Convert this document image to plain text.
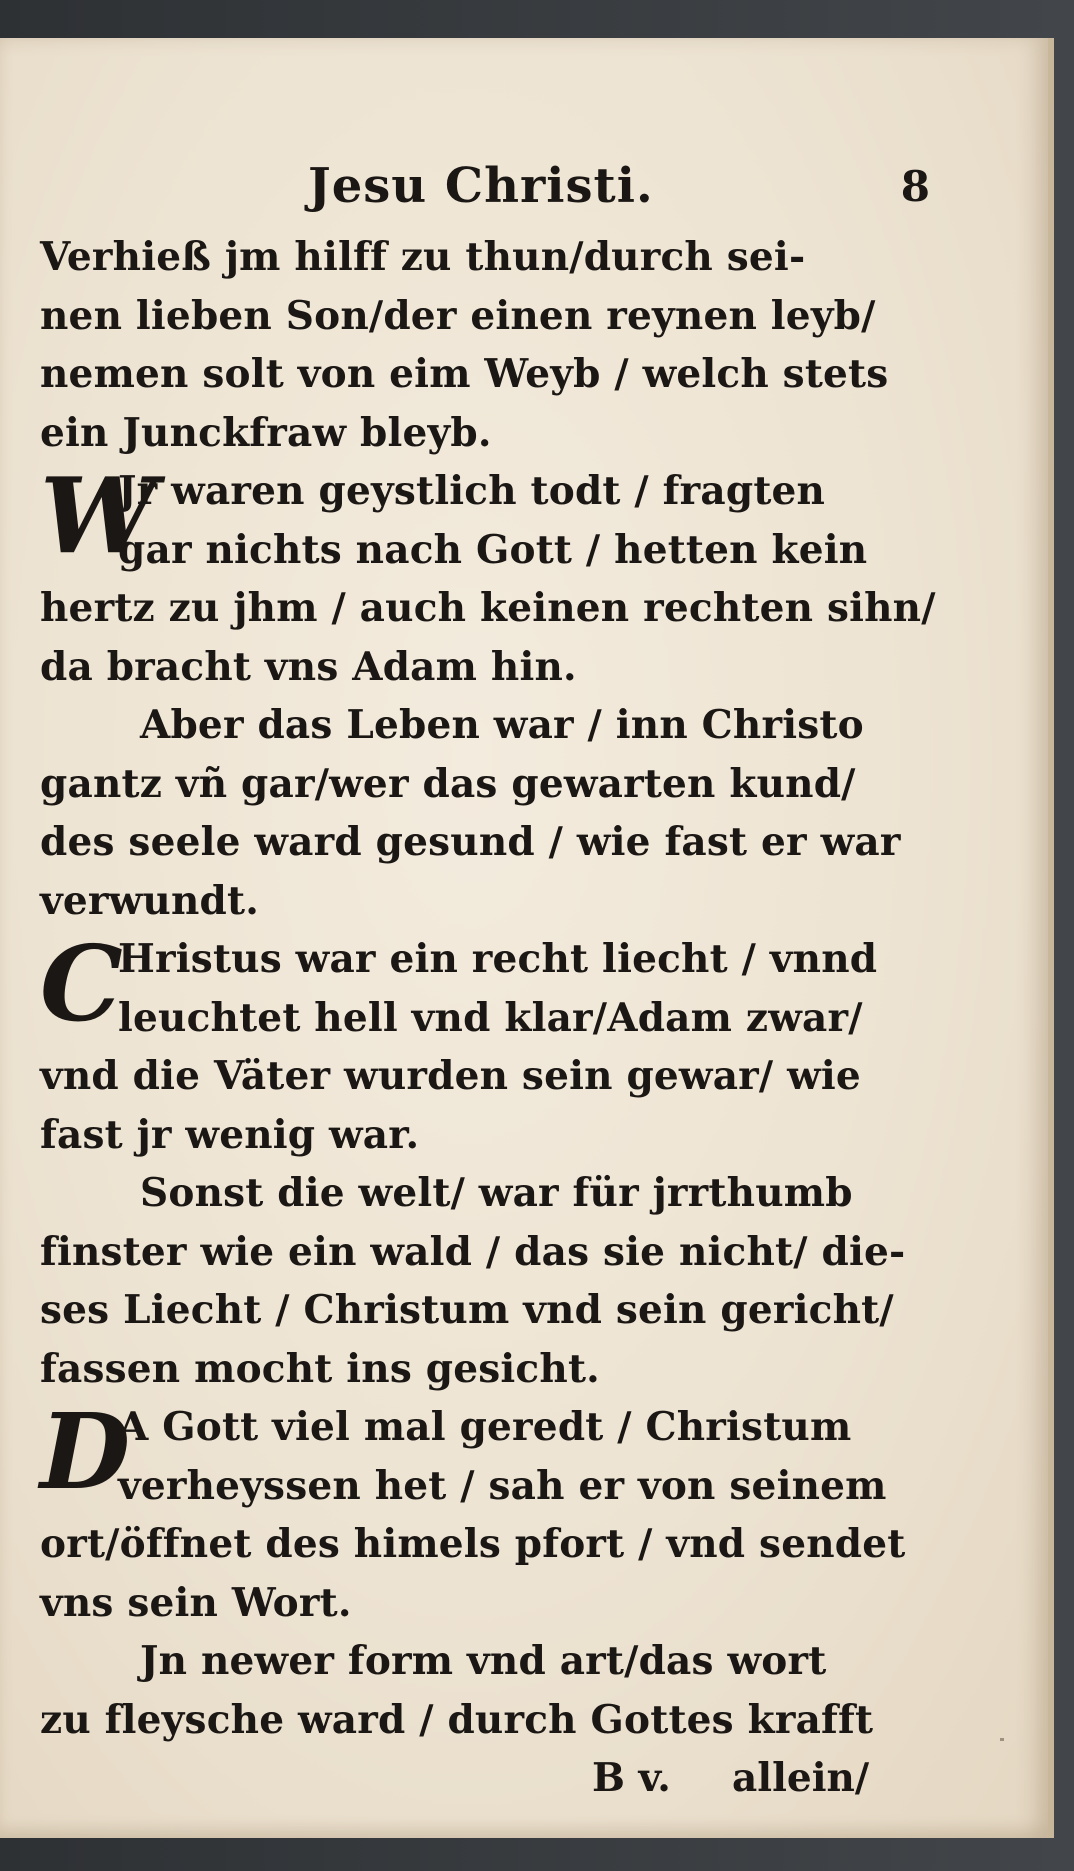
Jesu Christi.	8
Verhieß jm hilff zu thun/durch sei-
nen lieben Son/der einen reynen leyb/
nemen solt von eim Weyb / welch stets
ein Junckfraw bleyb.
W
Jr waren geystlich todt / fragten
gar nichts nach Gott / hetten kein
hertz zu jhm / auch keinen rechten sihn/
da bracht vns Adam hin.
Aber das Leben war / inn Christo
gantz vñ gar/wer das gewarten kund/
des seele ward gesund / wie fast er war
verwundt.
C
Hristus war ein recht liecht / vnnd
leuchtet hell vnd klar/Adam zwar/
vnd die Väter wurden sein gewar/ wie
fast jr wenig war.
Sonst die welt/ war für jrrthumb
finster wie ein wald / das sie nicht/ die-
ses Liecht / Christum vnd sein gericht/
fassen mocht ins gesicht.
D
A Gott viel mal geredt / Christum
verheyssen het / sah er von seinem
ort/öffnet des himels pfort / vnd sendet
vns sein Wort.
Jn newer form vnd art/das wort
zu fleysche ward / durch Gottes krafft
B v. allein/
